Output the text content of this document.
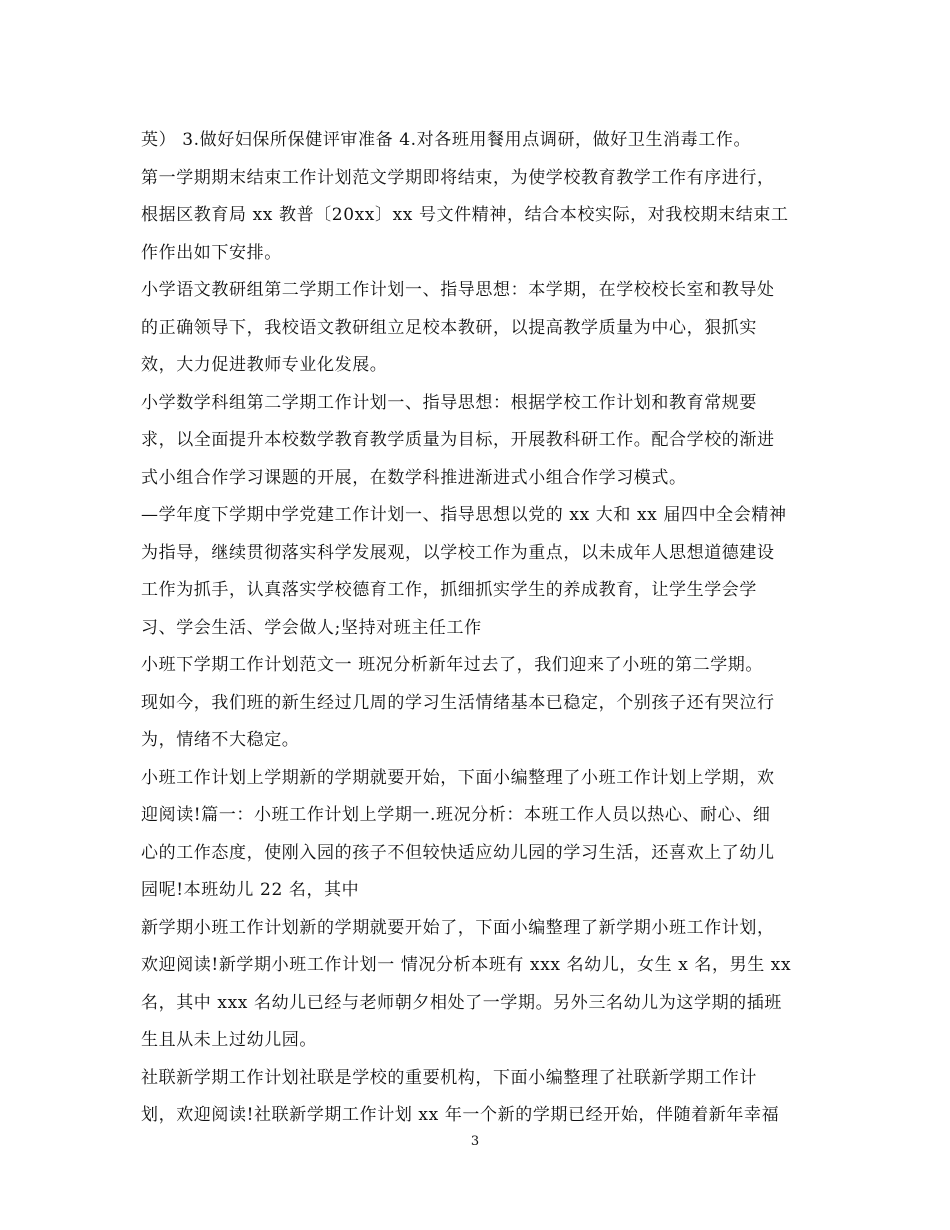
英） 3.做好妇保所保健评审准备 4.对各班用餐用点调研，做好卫生消毒工作。
第一学期期末结束工作计划范文学期即将结束，为使学校教育教学工作有序进行，
根据区教育局 xx 教普〔20xx〕xx 号文件精神，结合本校实际，对我校期末结束工
作作出如下安排。
小学语文教研组第二学期工作计划一、指导思想：本学期，在学校校长室和教导处
的正确领导下，我校语文教研组立足校本教研，以提高教学质量为中心，狠抓实
效，大力促进教师专业化发展。
小学数学科组第二学期工作计划一、指导思想：根据学校工作计划和教育常规要
求，以全面提升本校数学教育教学质量为目标，开展教科研工作。配合学校的渐进
式小组合作学习课题的开展，在数学科推进渐进式小组合作学习模式。
—学年度下学期中学党建工作计划一、指导思想以党的 xx 大和 xx 届四中全会精神
为指导，继续贯彻落实科学发展观，以学校工作为重点，以未成年人思想道德建设
工作为抓手，认真落实学校德育工作，抓细抓实学生的养成教育，让学生学会学
习、学会生活、学会做人;坚持对班主任工作
小班下学期工作计划范文一 班况分析新年过去了，我们迎来了小班的第二学期。
现如今，我们班的新生经过几周的学习生活情绪基本已稳定，个别孩子还有哭泣行
为，情绪不大稳定。
小班工作计划上学期新的学期就要开始，下面小编整理了小班工作计划上学期，欢
迎阅读!篇一：小班工作计划上学期一.班况分析：本班工作人员以热心、耐心、细
心的工作态度，使刚入园的孩子不但较快适应幼儿园的学习生活，还喜欢上了幼儿
园呢!本班幼儿 22 名，其中
新学期小班工作计划新的学期就要开始了，下面小编整理了新学期小班工作计划，
欢迎阅读!新学期小班工作计划一 情况分析本班有 xxx 名幼儿，女生 x 名，男生 xx
名，其中 xxx 名幼儿已经与老师朝夕相处了一学期。另外三名幼儿为这学期的插班
生且从未上过幼儿园。
社联新学期工作计划社联是学校的重要机构，下面小编整理了社联新学期工作计
划，欢迎阅读!社联新学期工作计划 xx 年一个新的学期已经开始，伴随着新年幸福
3
